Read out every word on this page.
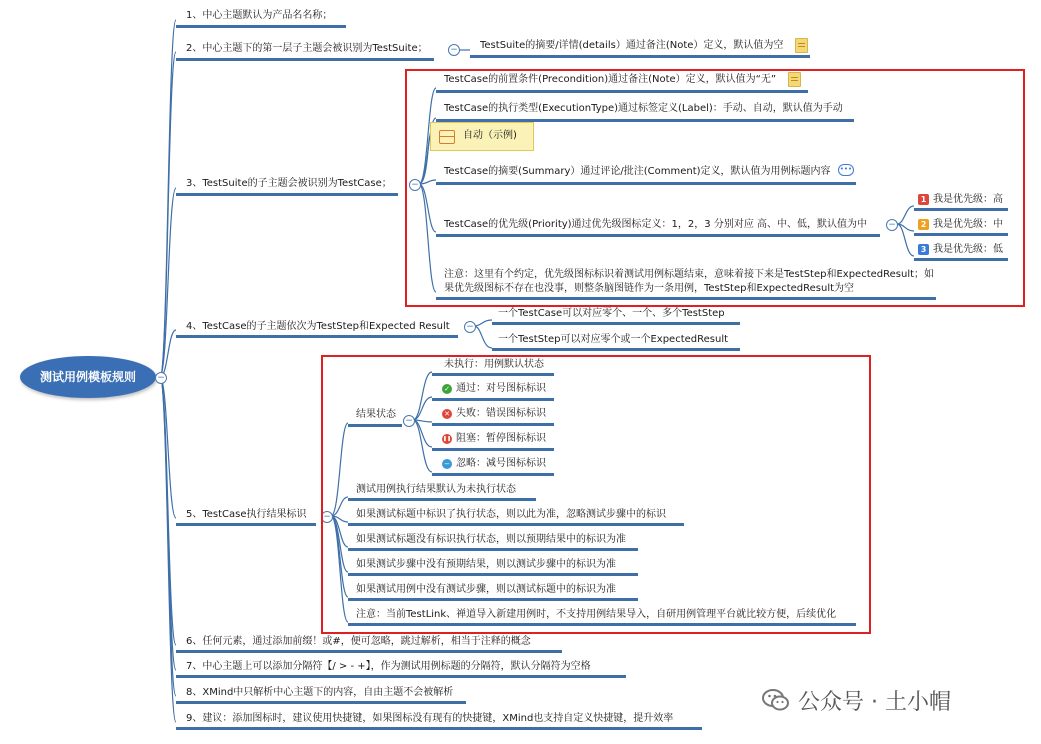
测试用例模板规则	−
1、中心主题默认为产品名名称；
2、中心主题下的第一层子主题会被识别为TestSuite；	− TestSuite的摘要/详情(details）通过备注(Note）定义，默认值为空
3、TestSuite的子主题会被识别为TestCase； −
TestCase的前置条件(Precondition)通过备注(Note）定义，默认值为“无”
TestCase的执行类型(ExecutionType)通过标签定义(Label)：手动、自动，默认值为手动
自动（示例)
TestCase的摘要(Summary）通过评论/批注(Comment)定义，默认值为用例标题内容 •••
TestCase的优先级(Priority)通过优先级图标定义：1，2，3 分别对应 高、中、低，默认值为中 −
1 我是优先级：高
2 我是优先级：中
3 我是优先级：低
注意：这里有个约定，优先级图标标识着测试用例标题结束，意味着接下来是TestStep和ExpectedResult；如
果优先级图标不存在也没事，则整条脑图链作为一条用例，TestStep和ExpectedResult为空
4、TestCase的子主题依次为TestStep和Expected Result −
一个TestCase可以对应零个、一个、多个TestStep
一个TestStep可以对应零个或一个ExpectedResult
5、TestCase执行结果标识 −
结果状态
−
未执行：用例默认状态
✓ 通过：对号图标标识
✕ 失败：错误图标标识
❚❚ 阻塞：暂停图标标识
− 忽略：减号图标标识
测试用例执行结果默认为未执行状态
如果测试标题中标识了执行状态，则以此为准，忽略测试步骤中的标识
如果测试标题没有标识执行状态，则以预期结果中的标识为准
如果测试步骤中没有预期结果，则以测试步骤中的标识为准
如果测试用例中没有测试步骤，则以测试标题中的标识为准
注意：当前TestLink、禅道导入新建用例时，不支持用例结果导入，自研用例管理平台就比较方便，后续优化
6、任何元素，通过添加前缀！或#，便可忽略，跳过解析，相当于注释的概念
7、中心主题上可以添加分隔符【/ > - +】，作为测试用例标题的分隔符，默认分隔符为空格
8、XMind中只解析中心主题下的内容，自由主题不会被解析
9、建议：添加图标时，建议使用快捷键，如果图标没有现有的快捷键，XMind也支持自定义快捷键，提升效率
公众号 · 土小帽
